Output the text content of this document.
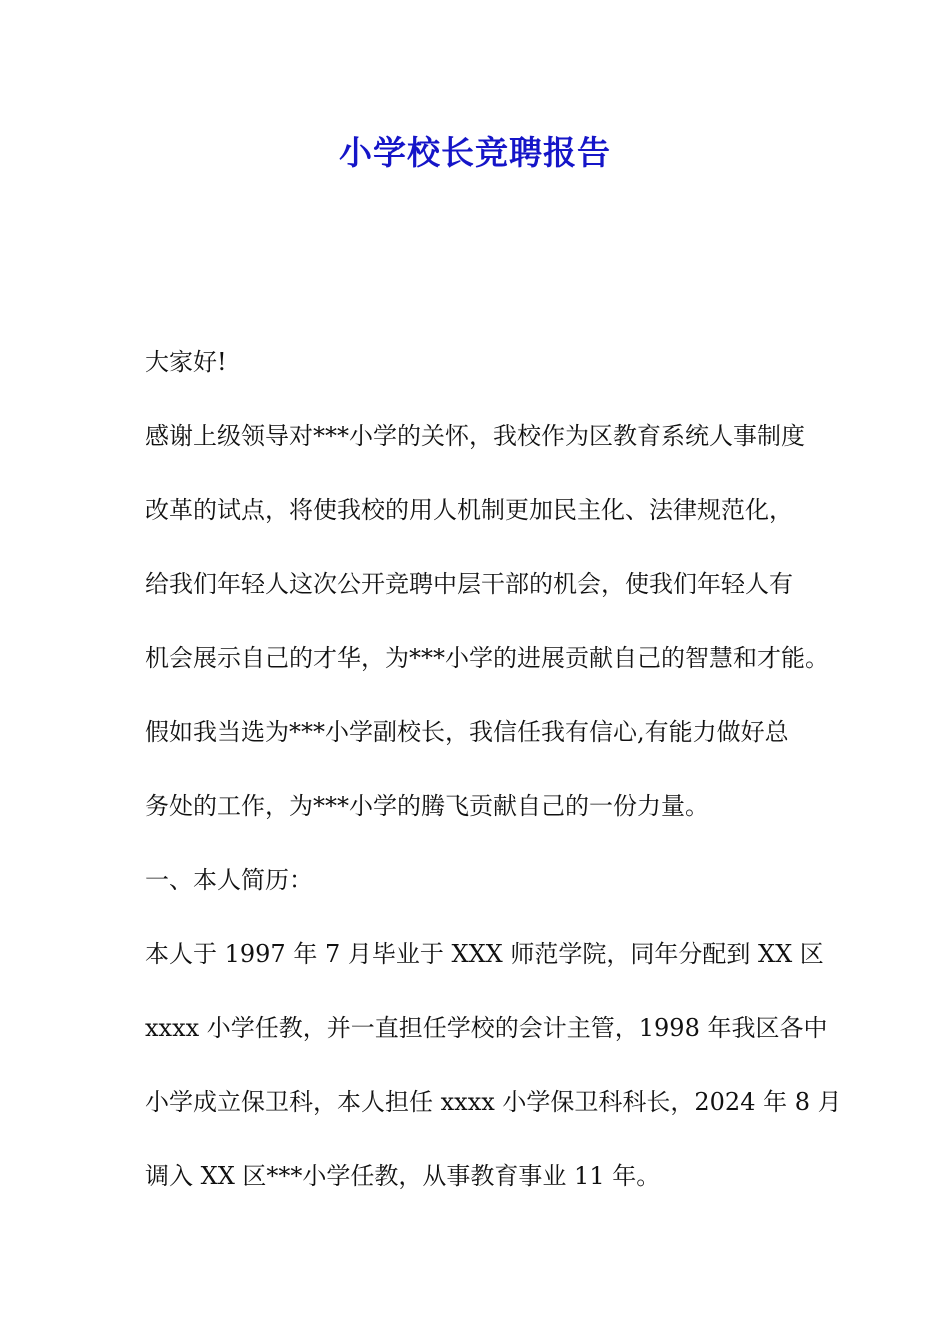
小学校长竞聘报告

大家好!

感谢上级领导对***小学的关怀，我校作为区教育系统人事制度

改革的试点，将使我校的用人机制更加民主化、法律规范化，

给我们年轻人这次公开竞聘中层干部的机会，使我们年轻人有

机会展示自己的才华，为***小学的进展贡献自己的智慧和才能。

假如我当选为***小学副校长，我信任我有信心,有能力做好总

务处的工作，为***小学的腾飞贡献自己的一份力量。

一、本人简历：

本人于 1997 年 7 月毕业于 XXX 师范学院，同年分配到 XX 区

xxxx 小学任教，并一直担任学校的会计主管，1998 年我区各中

小学成立保卫科，本人担任 xxxx 小学保卫科科长，2024 年 8 月

调入 XX 区***小学任教，从事教育事业 11 年。
